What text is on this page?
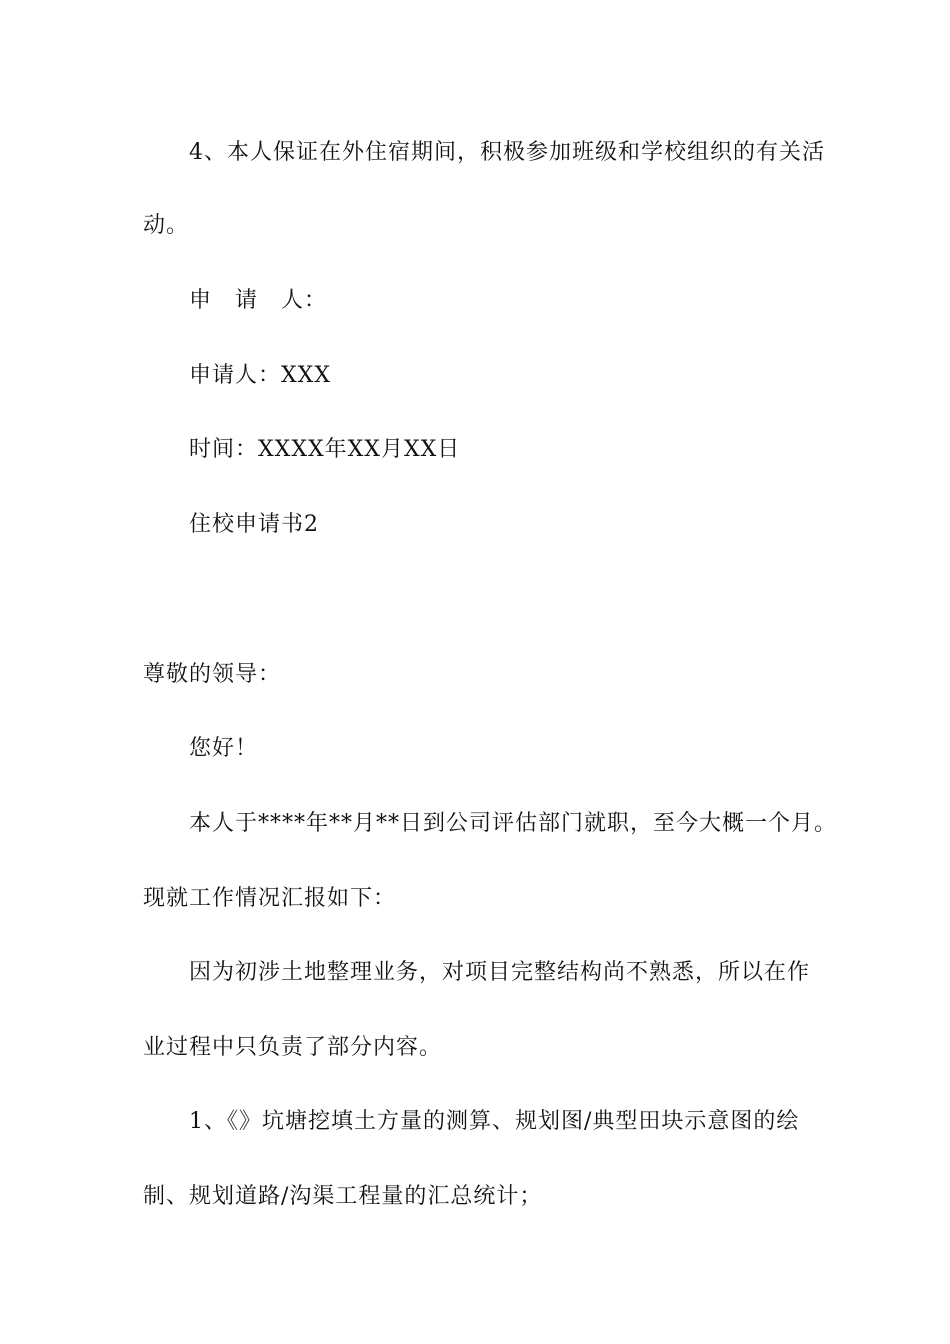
4、本人保证在外住宿期间，积极参加班级和学校组织的有关活
动。
申　请　人：
申请人：XXX
时间：XXXX年XX月XX日
住校申请书2
尊敬的领导：
您好！
本人于****年**月**日到公司评估部门就职，至今大概一个月。
现就工作情况汇报如下：
因为初涉土地整理业务，对项目完整结构尚不熟悉，所以在作
业过程中只负责了部分内容。
1、《》坑塘挖填土方量的测算、规划图/典型田块示意图的绘
制、规划道路/沟渠工程量的汇总统计；
